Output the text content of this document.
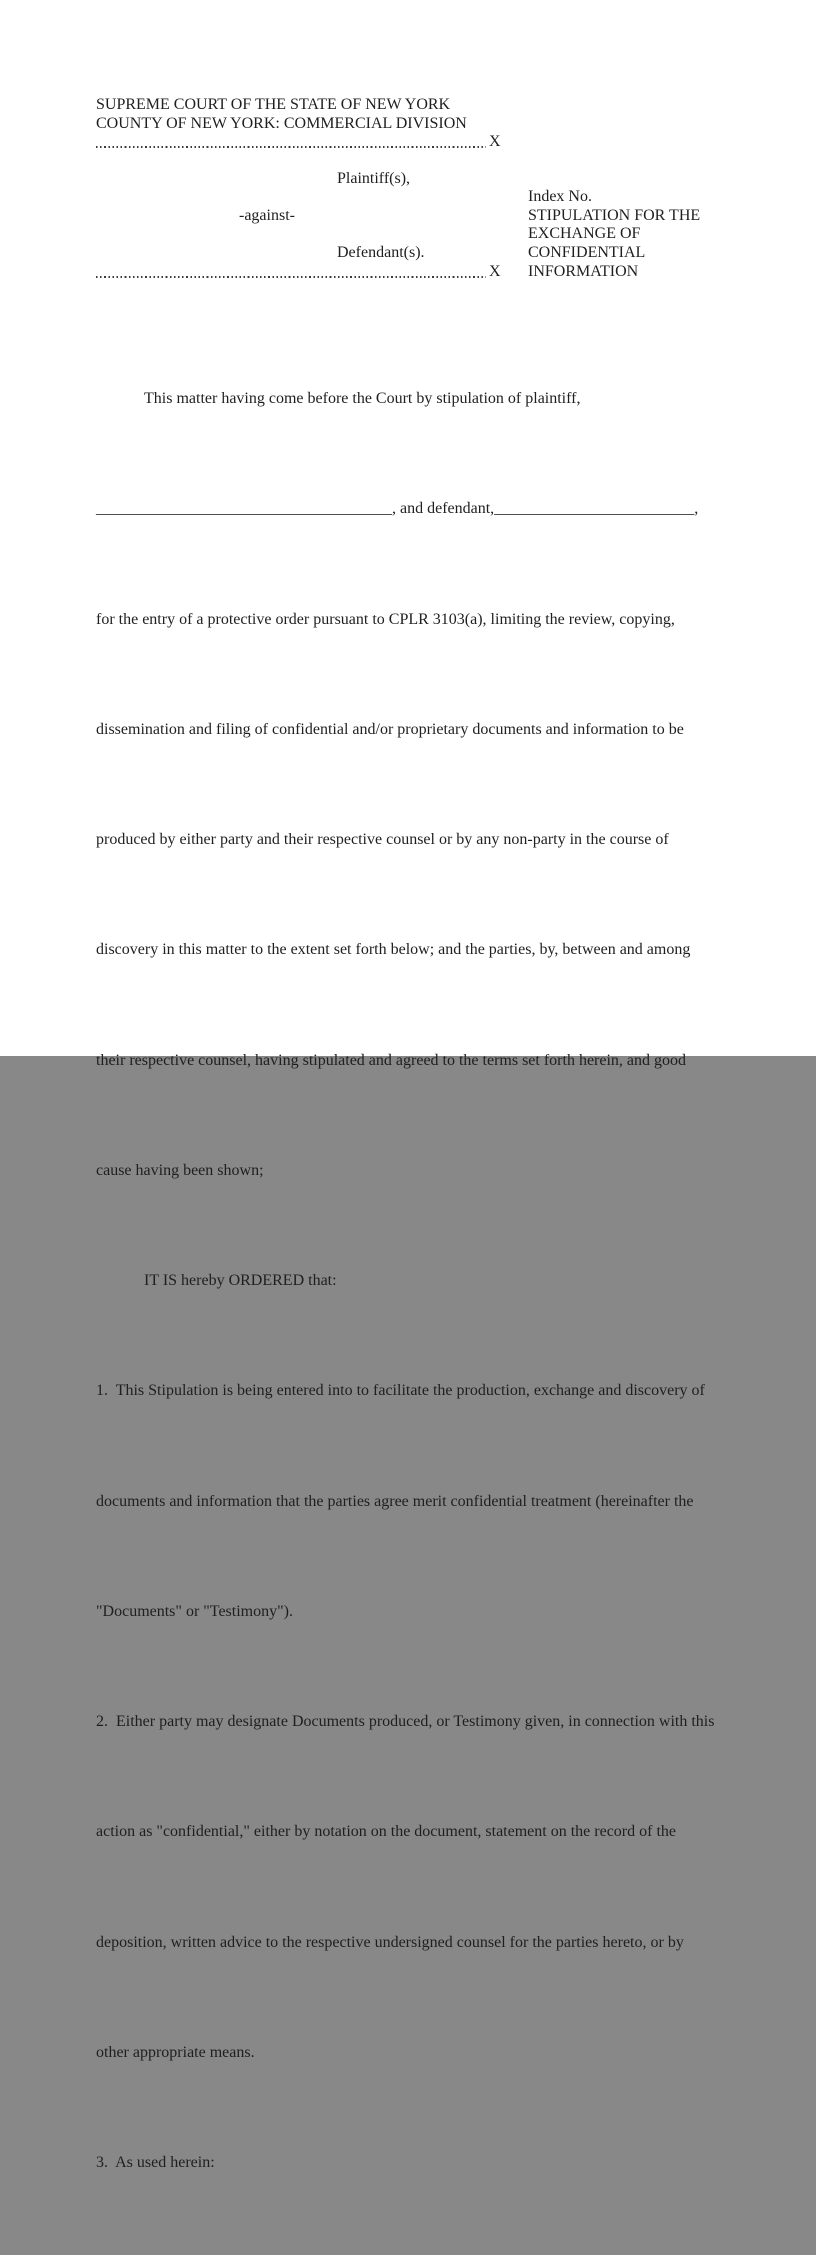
SUPREME COURT OF THE STATE OF NEW YORK
COUNTY OF NEW YORK: COMMERCIAL DIVISION
X
Plaintiff(s),
-against-
Defendant(s).
Index No.
STIPULATION FOR THE
EXCHANGE OF
CONFIDENTIAL
INFORMATION
X

This matter having come before the Court by stipulation of plaintiff,

_____________________________________, and defendant,_________________________,

for the entry of a protective order pursuant to CPLR 3103(a), limiting the review, copying,

dissemination and filing of confidential and/or proprietary documents and information to be

produced by either party and their respective counsel or by any non-party in the course of

discovery in this matter to the extent set forth below; and the parties, by, between and among

their respective counsel, having stipulated and agreed to the terms set forth herein, and good

cause having been shown;

IT IS hereby ORDERED that:

1.  This Stipulation is being entered into to facilitate the production, exchange and discovery of

documents and information that the parties agree merit confidential treatment (hereinafter the

"Documents" or "Testimony").

2.  Either party may designate Documents produced, or Testimony given, in connection with this

action as "confidential," either by notation on the document, statement on the record of the

deposition, written advice to the respective undersigned counsel for the parties hereto, or by

other appropriate means.

3.  As used herein:
